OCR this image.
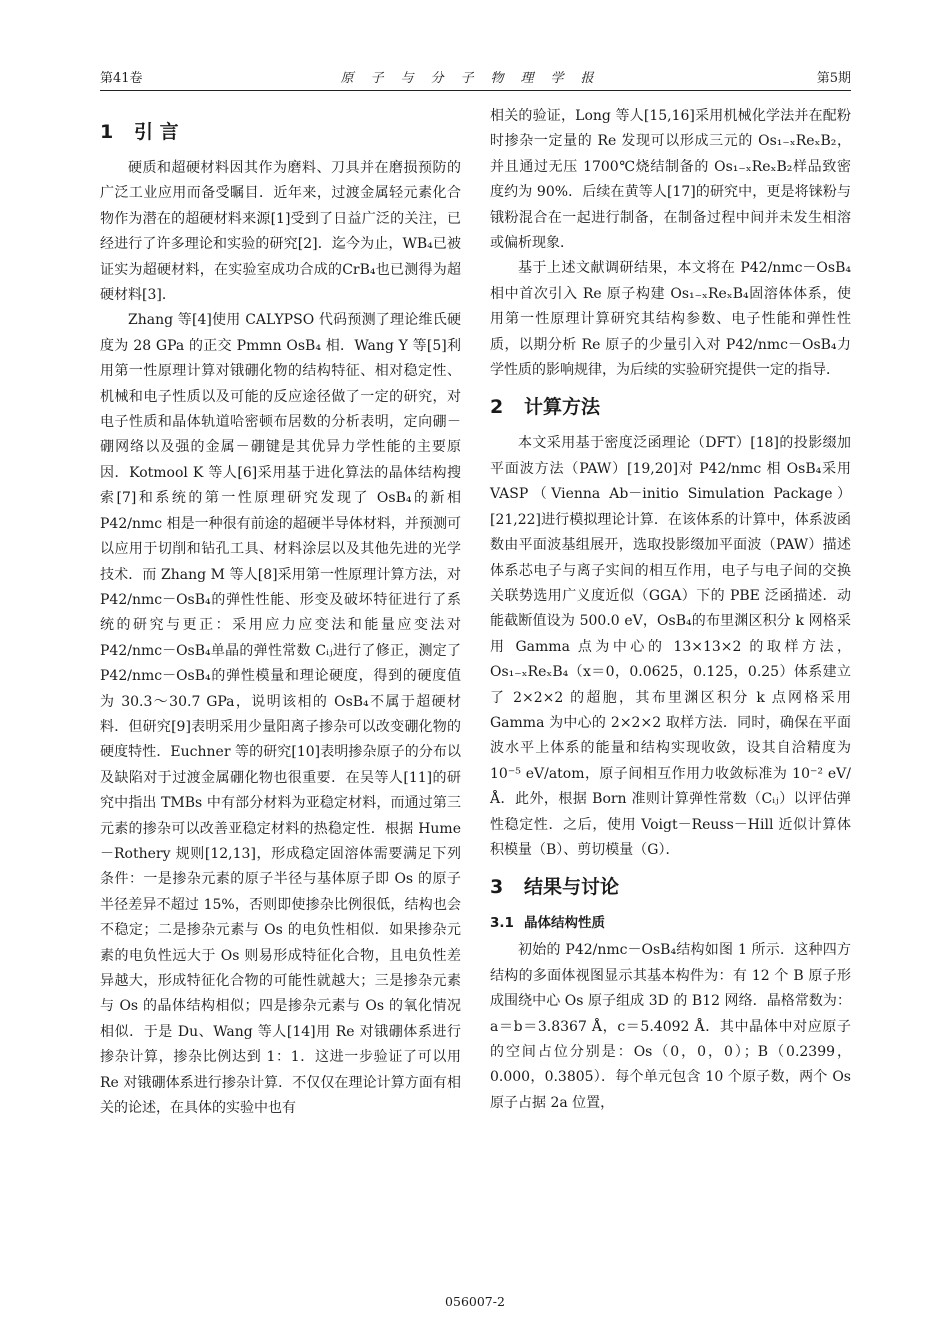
第41卷	原子与分子物理学报	第5期
1 引 言

硬质和超硬材料因其作为磨料、刀具并在磨损预防的广泛工业应用而备受瞩目．近年来，过渡金属轻元素化合物作为潜在的超硬材料来源[1]受到了日益广泛的关注，已经进行了许多理论和实验的研究[2]．迄今为止，WB₄已被证实为超硬材料，在实验室成功合成的CrB₄也已测得为超硬材料[3]．

Zhang 等[4]使用 CALYPSO 代码预测了理论维氏硬度为 28 GPa 的正交 Pmmn OsB₄ 相．Wang Y 等[5]利用第一性原理计算对锇硼化物的结构特征、相对稳定性、机械和电子性质以及可能的反应途径做了一定的研究，对电子性质和晶体轨道哈密顿布居数的分析表明，定向硼－硼网络以及强的金属－硼键是其优异力学性能的主要原因．Kotmool K 等人[6]采用基于进化算法的晶体结构搜索[7]和系统的第一性原理研究发现了 OsB₄的新相 P42/nmc 相是一种很有前途的超硬半导体材料，并预测可以应用于切削和钻孔工具、材料涂层以及其他先进的光学技术．而 Zhang M 等人[8]采用第一性原理计算方法，对 P42/nmc－OsB₄的弹性性能、形变及破坏特征进行了系统的研究与更正：采用应力应变法和能量应变法对 P42/nmc－OsB₄单晶的弹性常数 Cᵢⱼ进行了修正，测定了 P42/nmc－OsB₄的弹性模量和理论硬度，得到的硬度值为 30.3～30.7 GPa，说明该相的 OsB₄不属于超硬材料．但研究[9]表明采用少量阳离子掺杂可以改变硼化物的硬度特性．Euchner 等的研究[10]表明掺杂原子的分布以及缺陷对于过渡金属硼化物也很重要．在吴等人[11]的研究中指出 TMBs 中有部分材料为亚稳定材料，而通过第三元素的掺杂可以改善亚稳定材料的热稳定性．根据 Hume－Rothery 规则[12,13]，形成稳定固溶体需要满足下列条件：一是掺杂元素的原子半径与基体原子即 Os 的原子半径差异不超过 15%，否则即使掺杂比例很低，结构也会不稳定；二是掺杂元素与 Os 的电负性相似．如果掺杂元素的电负性远大于 Os 则易形成特征化合物，且电负性差异越大，形成特征化合物的可能性就越大；三是掺杂元素与 Os 的晶体结构相似；四是掺杂元素与 Os 的氧化情况相似．于是 Du、Wang 等人[14]用 Re 对锇硼体系进行掺杂计算，掺杂比例达到 1：1．这进一步验证了可以用 Re 对锇硼体系进行掺杂计算．不仅仅在理论计算方面有相关的论述，在具体的实验中也有

相关的验证，Long 等人[15,16]采用机械化学法并在配粉时掺杂一定量的 Re 发现可以形成三元的 Os₁₋ₓReₓB₂，并且通过无压 1700℃烧结制备的 Os₁₋ₓReₓB₂样品致密度约为 90%．后续在黄等人[17]的研究中，更是将铼粉与锇粉混合在一起进行制备，在制备过程中间并未发生相溶或偏析现象．

基于上述文献调研结果，本文将在 P42/nmc－OsB₄相中首次引入 Re 原子构建 Os₁₋ₓReₓB₄固溶体体系，使用第一性原理计算研究其结构参数、电子性能和弹性性质，以期分析 Re 原子的少量引入对 P42/nmc－OsB₄力学性质的影响规律，为后续的实验研究提供一定的指导．

2 计算方法

本文采用基于密度泛函理论（DFT）[18]的投影缀加平面波方法（PAW）[19,20]对 P42/nmc 相 OsB₄采用 VASP（Vienna Ab－initio Simulation Package）[21,22]进行模拟理论计算．在该体系的计算中，体系波函数由平面波基组展开，选取投影缀加平面波（PAW）描述体系芯电子与离子实间的相互作用，电子与电子间的交换关联势选用广义度近似（GGA）下的 PBE 泛函描述．动能截断值设为 500.0 eV，OsB₄的布里渊区积分 k 网格采用 Gamma 点为中心的 13×13×2 的取样方法，Os₁₋ₓReₓB₄（x＝0，0.0625，0.125，0.25）体系建立了 2×2×2 的超胞，其布里渊区积分 k 点网格采用 Gamma 为中心的 2×2×2 取样方法．同时，确保在平面波水平上体系的能量和结构实现收敛，设其自洽精度为 10⁻⁵ eV/atom，原子间相互作用力收敛标准为 10⁻² eV/Å．此外，根据 Born 准则计算弹性常数（Cᵢⱼ）以评估弹性稳定性．之后，使用 Voigt－Reuss－Hill 近似计算体积模量（B）、剪切模量（G）．

3 结果与讨论
3.1 晶体结构性质

初始的 P42/nmc－OsB₄结构如图 1 所示．这种四方结构的多面体视图显示其基本构件为：有 12 个 B 原子形成围绕中心 Os 原子组成 3D 的 B12 网络．晶格常数为：a＝b＝3.8367 Å，c＝5.4092 Å．其中晶体中对应原子的空间占位分别是：Os（0，0，0）；B（0.2399，0.000，0.3805）．每个单元包含 10 个原子数，两个 Os 原子占据 2a 位置，

056007-2
